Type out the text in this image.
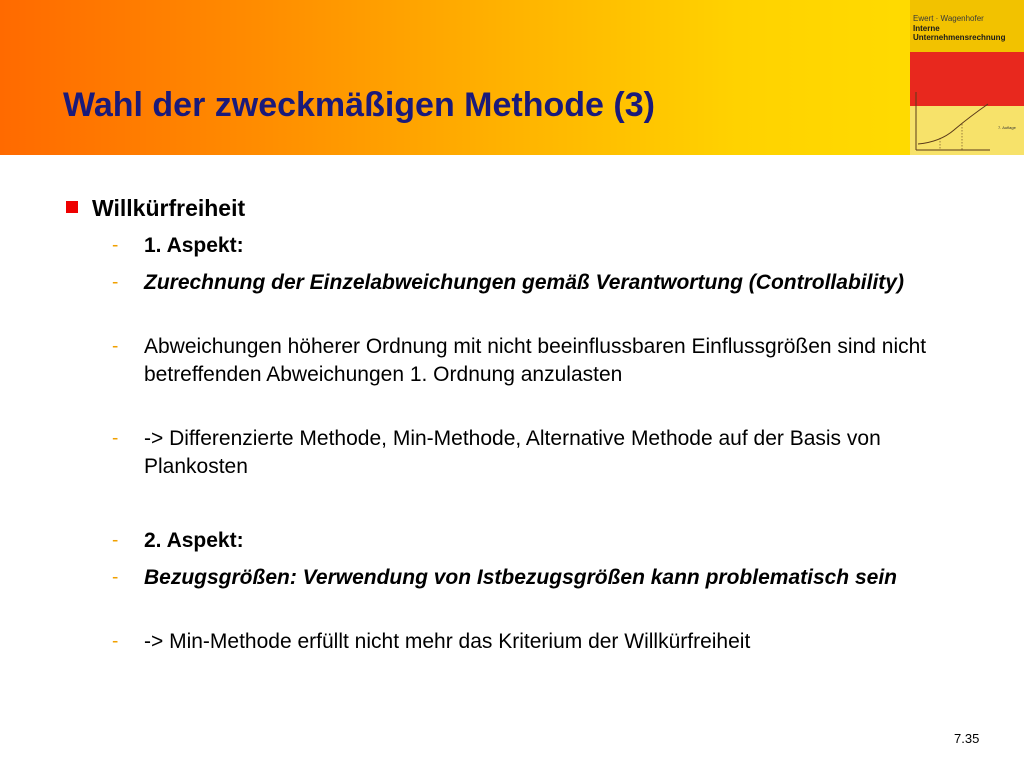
Wahl der zweckmäßigen Methode (3)
Ewert · Wagenhofer
Interne
Unternehmensrechnung
7. Auflage
Willkürfreiheit
- 1. Aspekt:
- Zurechnung der Einzelabweichungen gemäß Verantwortung (Controllability)
- Abweichungen höherer Ordnung mit nicht beeinflussbaren Einflussgrößen sind nicht betreffenden Abweichungen 1. Ordnung anzulasten
- -> Differenzierte Methode, Min-Methode, Alternative Methode auf der Basis von Plankosten
- 2. Aspekt:
- Bezugsgrößen: Verwendung von Istbezugsgrößen kann problematisch sein
- -> Min-Methode erfüllt nicht mehr das Kriterium der Willkürfreiheit
7.35
